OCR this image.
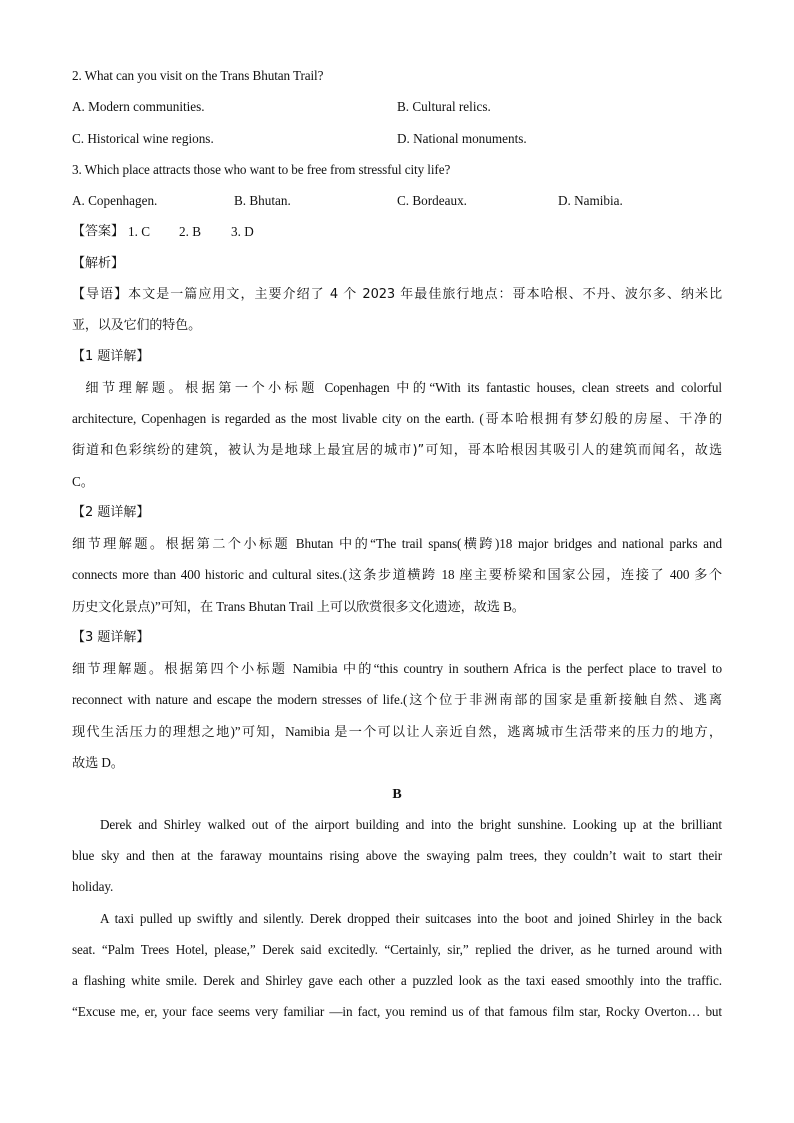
2. What can you visit on the Trans Bhutan Trail?
A. Modern communities.	B. Cultural relics.
C. Historical wine regions.	D. National monuments.
3. Which place attracts those who want to be free from stressful city life?
A. Copenhagen.	B. Bhutan.	C. Bordeaux.	D. Namibia.
【答案】 1. C 2. B 3. D
【解析】
【导语】本文是一篇应用文，主要介绍了 4 个 2023 年最佳旅行地点：哥本哈根、不丹、波尔多、纳米比
亚，以及它们的特色。
【1 题详解】
细节理解题。根据第一个小标题 Copenhagen 中的“With its fantastic houses, clean streets and colorful
architecture, Copenhagen is regarded as the most livable city on the earth. (哥本哈根拥有梦幻般的房屋、干净的
街道和色彩缤纷的建筑，被认为是地球上最宜居的城市)”可知，哥本哈根因其吸引人的建筑而闻名，故选
C。
【2 题详解】
细节理解题。根据第二个小标题 Bhutan 中的“The trail spans(横跨)18 major bridges and national parks and
connects more than 400 historic and cultural sites.(这条步道横跨 18 座主要桥梁和国家公园，连接了 400 多个
历史文化景点)”可知，在 Trans Bhutan Trail 上可以欣赏很多文化遗迹，故选 B。
【3 题详解】
细节理解题。根据第四个小标题 Namibia 中的“this country in southern Africa is the perfect place to travel to
reconnect with nature and escape the modern stresses of life.(这个位于非洲南部的国家是重新接触自然、逃离
现代生活压力的理想之地)”可知，Namibia 是一个可以让人亲近自然，逃离城市生活带来的压力的地方，
故选 D。
B
Derek and Shirley walked out of the airport building and into the bright sunshine. Looking up at the brilliant
blue sky and then at the faraway mountains rising above the swaying palm trees, they couldn’t wait to start their
holiday.
A taxi pulled up swiftly and silently. Derek dropped their suitcases into the boot and joined Shirley in the back
seat. “Palm Trees Hotel, please,” Derek said excitedly. “Certainly, sir,” replied the driver, as he turned around with
a flashing white smile. Derek and Shirley gave each other a puzzled look as the taxi eased smoothly into the traffic.
“Excuse me, er, your face seems very familiar —in fact, you remind us of that famous film star, Rocky Overton… but
